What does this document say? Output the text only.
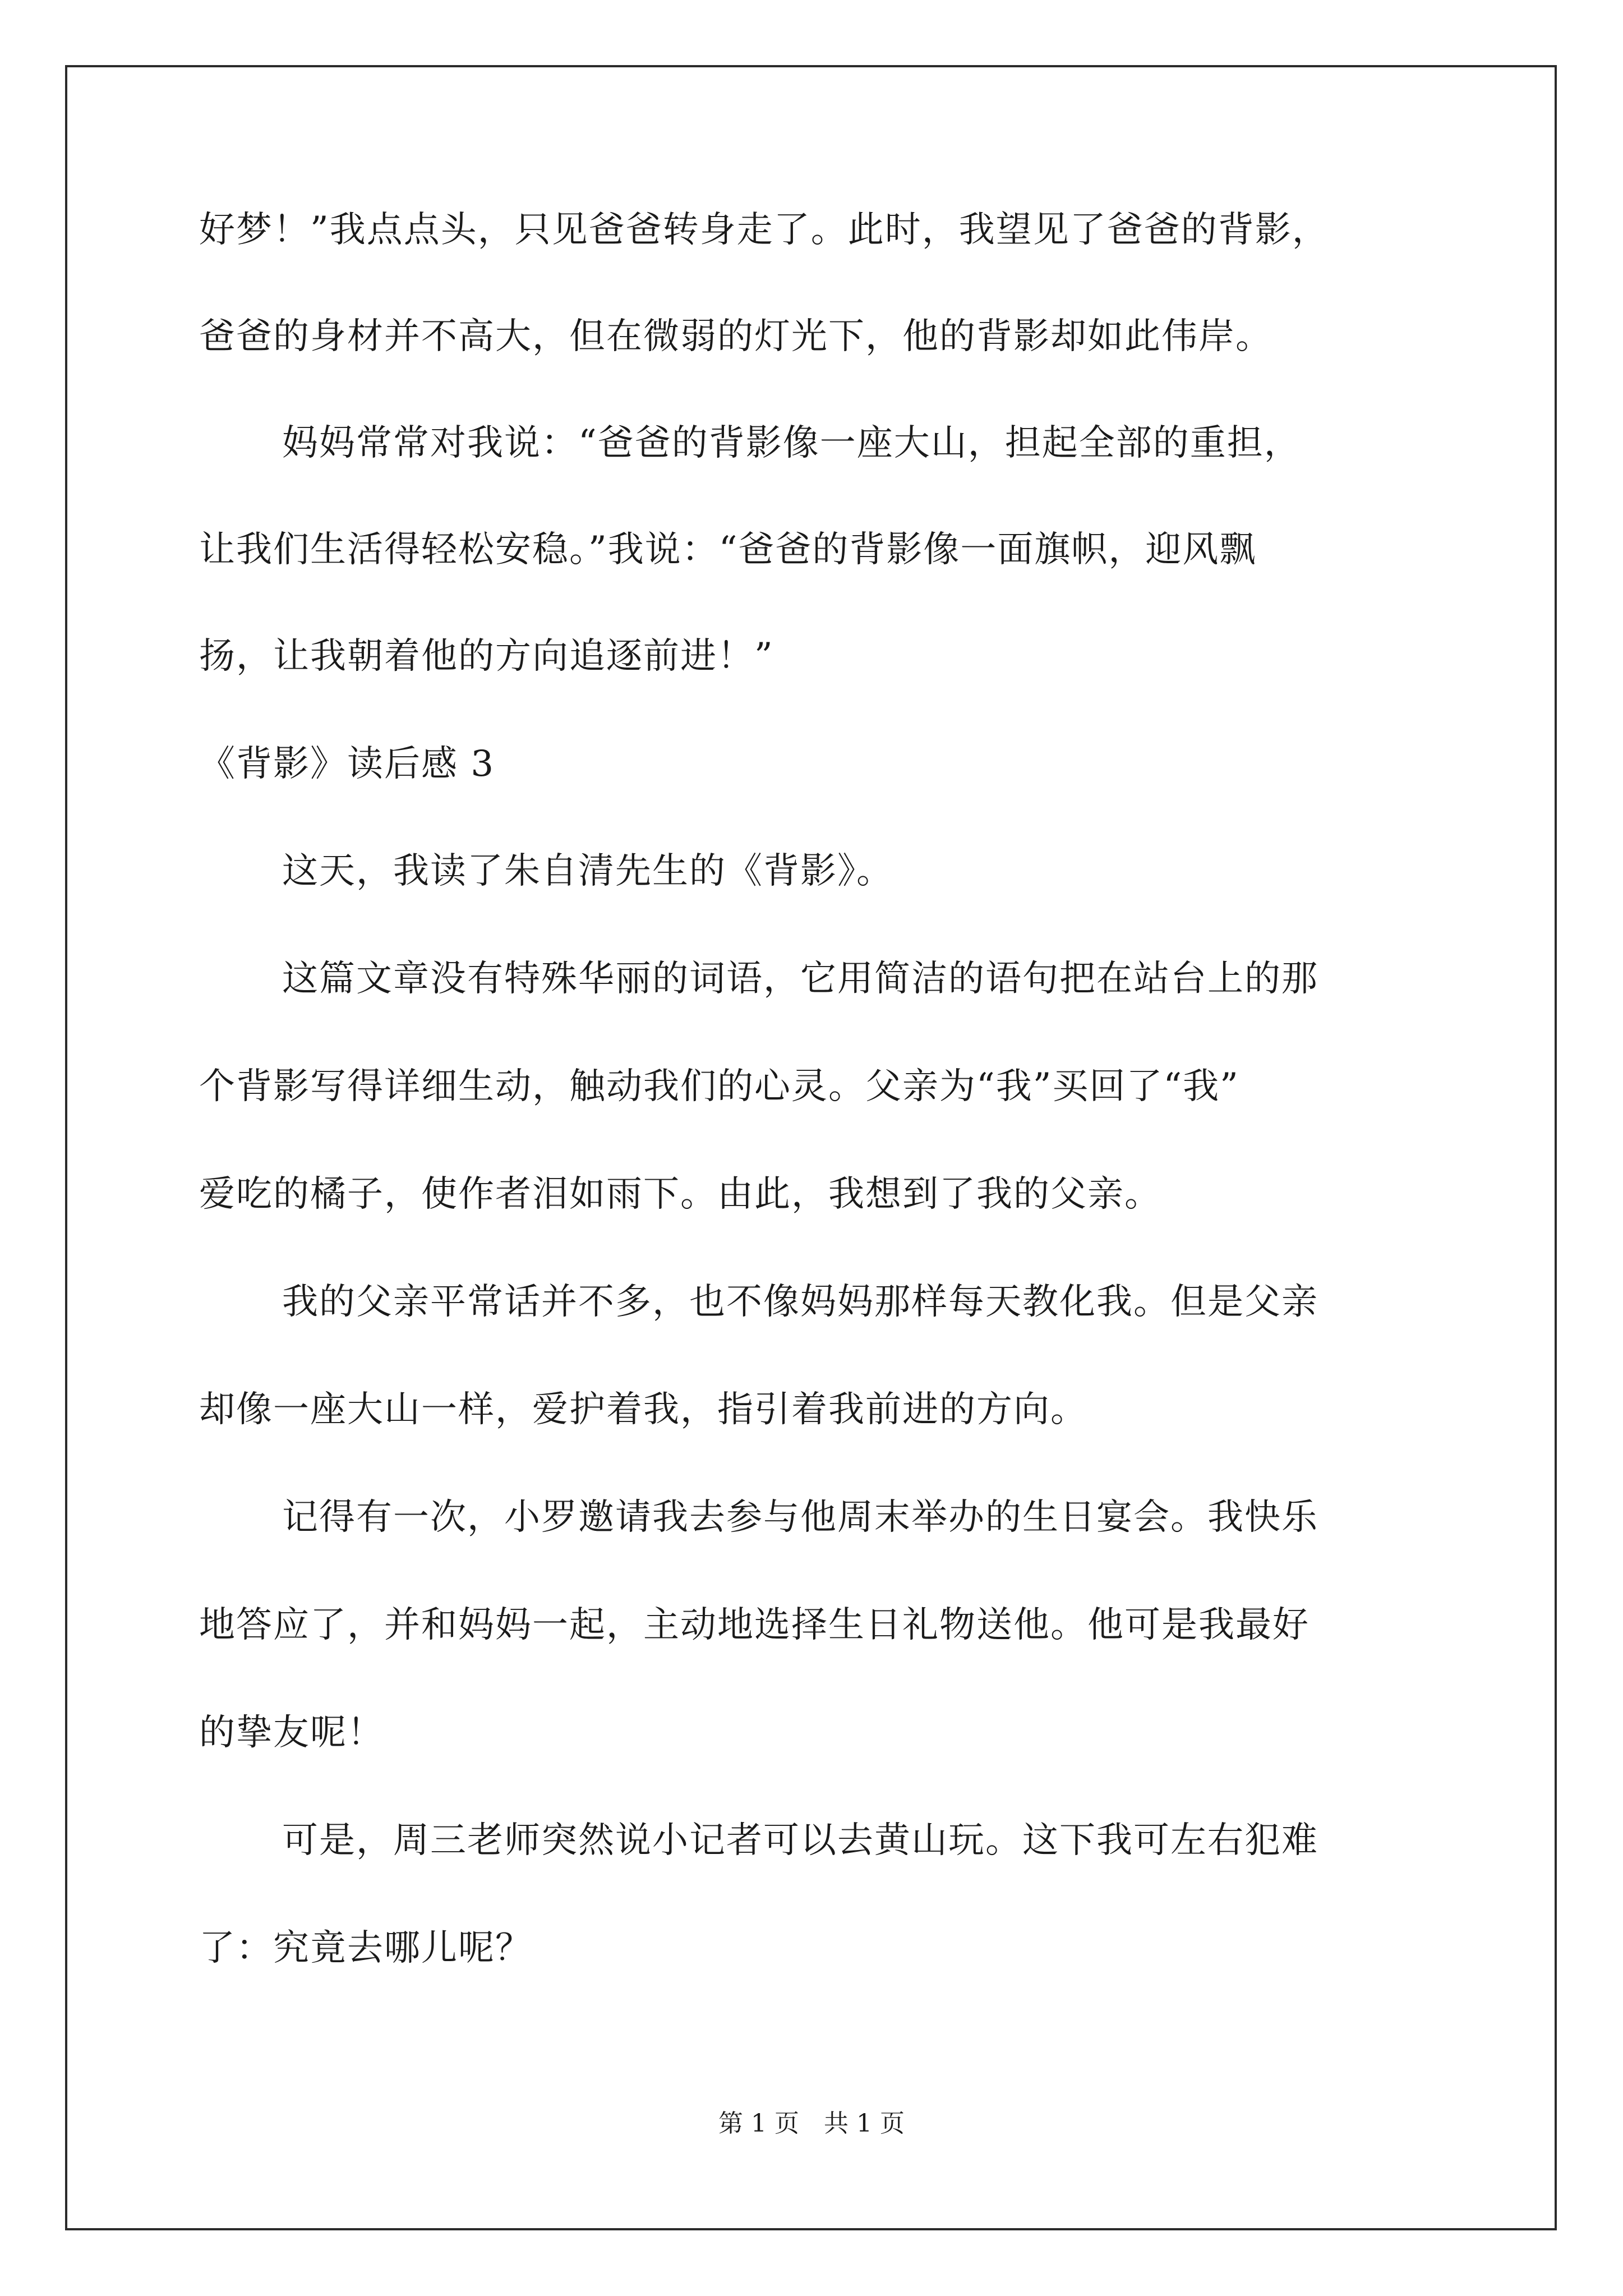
好梦！”我点点头，只见爸爸转身走了。此时，我望见了爸爸的背影，
爸爸的身材并不高大，但在微弱的灯光下，他的背影却如此伟岸。
妈妈常常对我说：“爸爸的背影像一座大山，担起全部的重担，
让我们生活得轻松安稳。”我说：“爸爸的背影像一面旗帜，迎风飘
扬，让我朝着他的方向追逐前进！”
《背影》读后感 3
这天，我读了朱自清先生的《背影》。
这篇文章没有特殊华丽的词语，它用简洁的语句把在站台上的那
个背影写得详细生动，触动我们的心灵。父亲为“我”买回了“我”
爱吃的橘子，使作者泪如雨下。由此，我想到了我的父亲。
我的父亲平常话并不多，也不像妈妈那样每天教化我。但是父亲
却像一座大山一样，爱护着我，指引着我前进的方向。
记得有一次，小罗邀请我去参与他周末举办的生日宴会。我快乐
地答应了，并和妈妈一起，主动地选择生日礼物送他。他可是我最好
的挚友呢！
可是，周三老师突然说小记者可以去黄山玩。这下我可左右犯难
了：究竟去哪儿呢？
第 1 页　共 1 页
